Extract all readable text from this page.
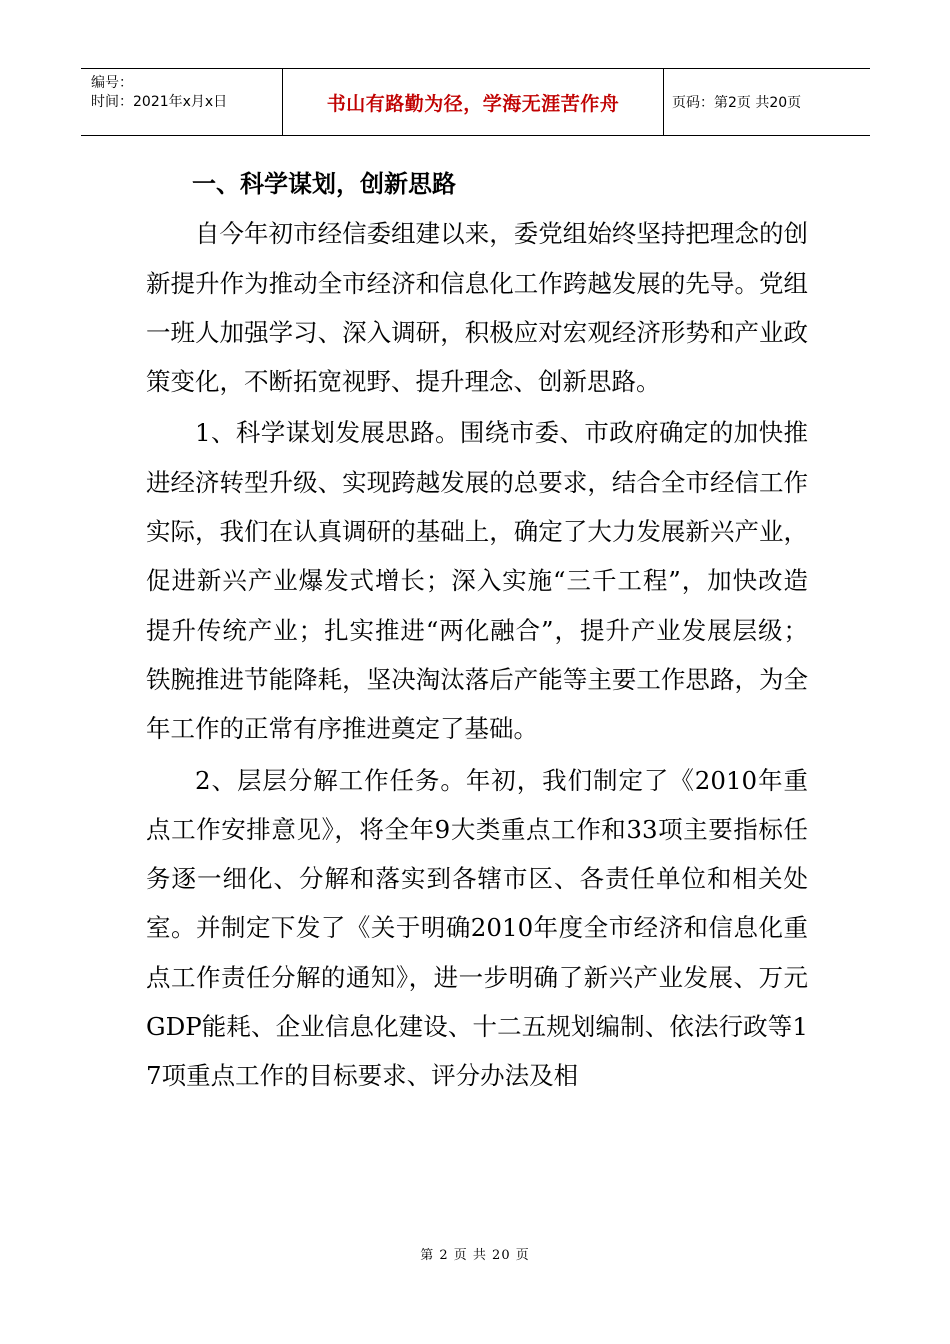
编号：
时间：2021年x月x日	书山有路勤为径，学海无涯苦作舟	页码：第2页 共20页
一、科学谋划，创新思路

自今年初市经信委组建以来，委党组始终坚持把理念的创新提升作为推动全市经济和信息化工作跨越发展的先导。党组一班人加强学习、深入调研，积极应对宏观经济形势和产业政策变化，不断拓宽视野、提升理念、创新思路。

1、科学谋划发展思路。围绕市委、市政府确定的加快推进经济转型升级、实现跨越发展的总要求，结合全市经信工作实际，我们在认真调研的基础上，确定了大力发展新兴产业，促进新兴产业爆发式增长；深入实施“三千工程”，加快改造提升传统产业；扎实推进“两化融合”，提升产业发展层级；铁腕推进节能降耗，坚决淘汰落后产能等主要工作思路，为全年工作的正常有序推进奠定了基础。

2、层层分解工作任务。年初，我们制定了《2010年重点工作安排意见》，将全年9大类重点工作和33项主要指标任务逐一细化、分解和落实到各辖市区、各责任单位和相关处室。并制定下发了《关于明确2010年度全市经济和信息化重点工作责任分解的通知》，进一步明确了新兴产业发展、万元GDP能耗、企业信息化建设、十二五规划编制、依法行政等17项重点工作的目标要求、评分办法及相

第 2 页 共 20 页
